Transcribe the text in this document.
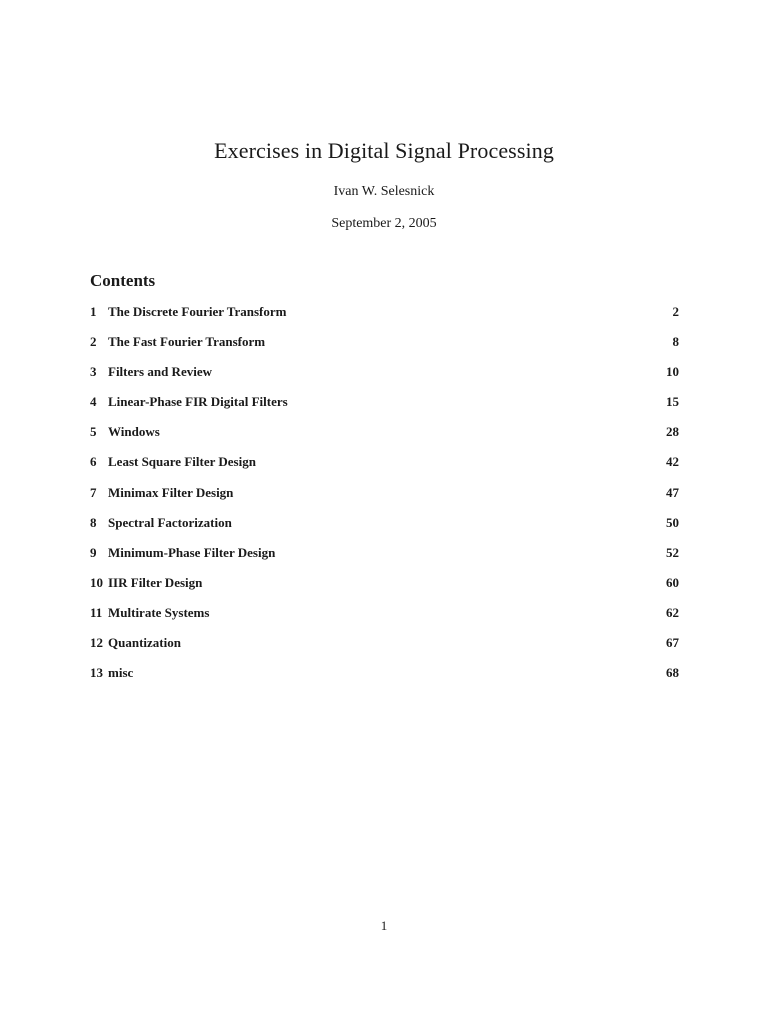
Exercises in Digital Signal Processing
Ivan W. Selesnick
September 2, 2005
Contents
1 The Discrete Fourier Transform	2
2 The Fast Fourier Transform	8
3 Filters and Review	10
4 Linear-Phase FIR Digital Filters	15
5 Windows	28
6 Least Square Filter Design	42
7 Minimax Filter Design	47
8 Spectral Factorization	50
9 Minimum-Phase Filter Design	52
10 IIR Filter Design	60
11 Multirate Systems	62
12 Quantization	67
13 misc	68
1
